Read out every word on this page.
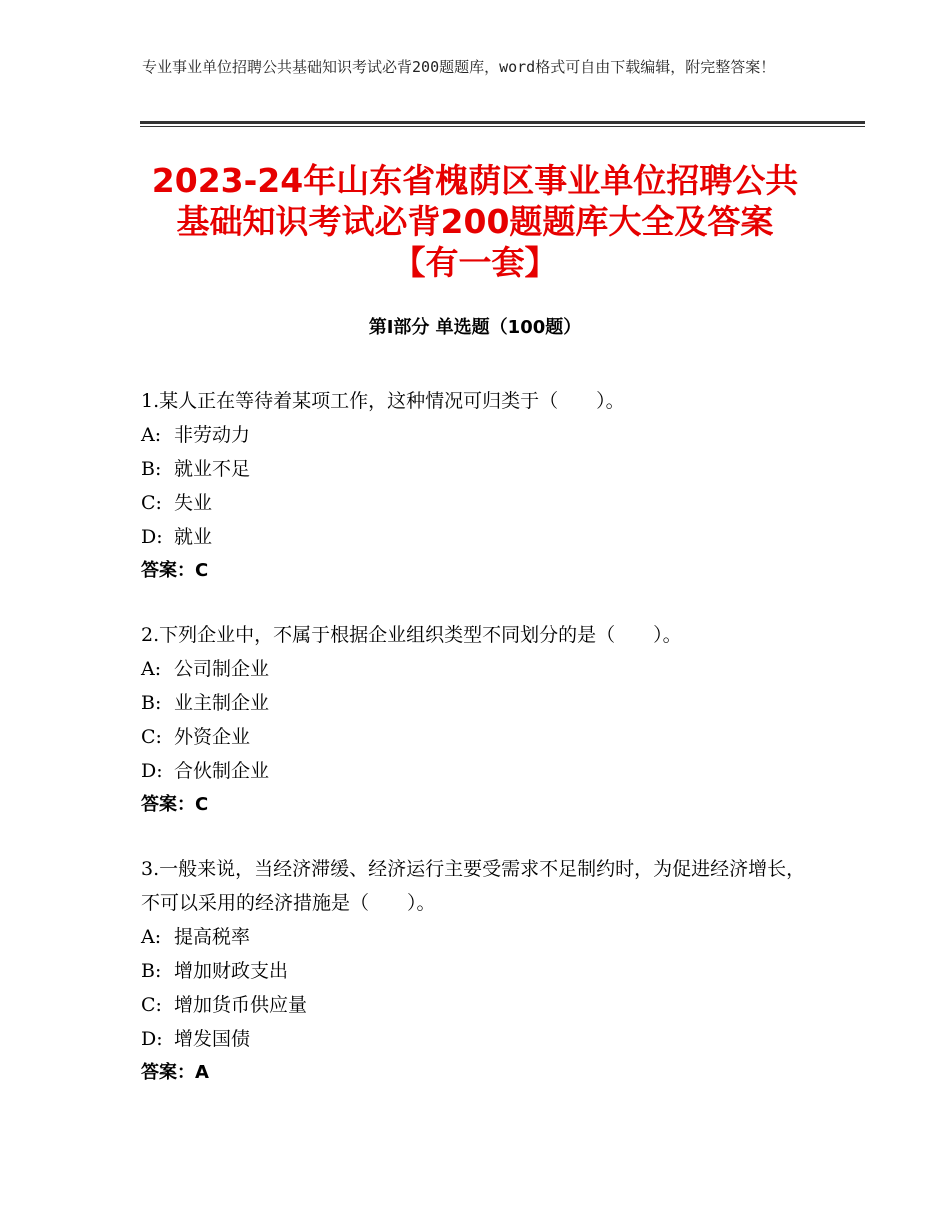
专业事业单位招聘公共基础知识考试必背200题题库，word格式可自由下载编辑，附完整答案！

2023-24年山东省槐荫区事业单位招聘公共
基础知识考试必背200题题库大全及答案
【有一套】
第Ⅰ部分 单选题（100题）

1.某人正在等待着某项工作，这种情况可归类于（　　）。

A: 非劳动力

B: 就业不足

C: 失业

D: 就业

答案：C

2.下列企业中，不属于根据企业组织类型不同划分的是（　　）。

A: 公司制企业

B: 业主制企业

C: 外资企业

D: 合伙制企业

答案：C

3.一般来说，当经济滞缓、经济运行主要受需求不足制约时，为促进经济增长，不可以采用的经济措施是（　　）。

A: 提高税率

B: 增加财政支出

C: 增加货币供应量

D: 增发国债

答案：A
